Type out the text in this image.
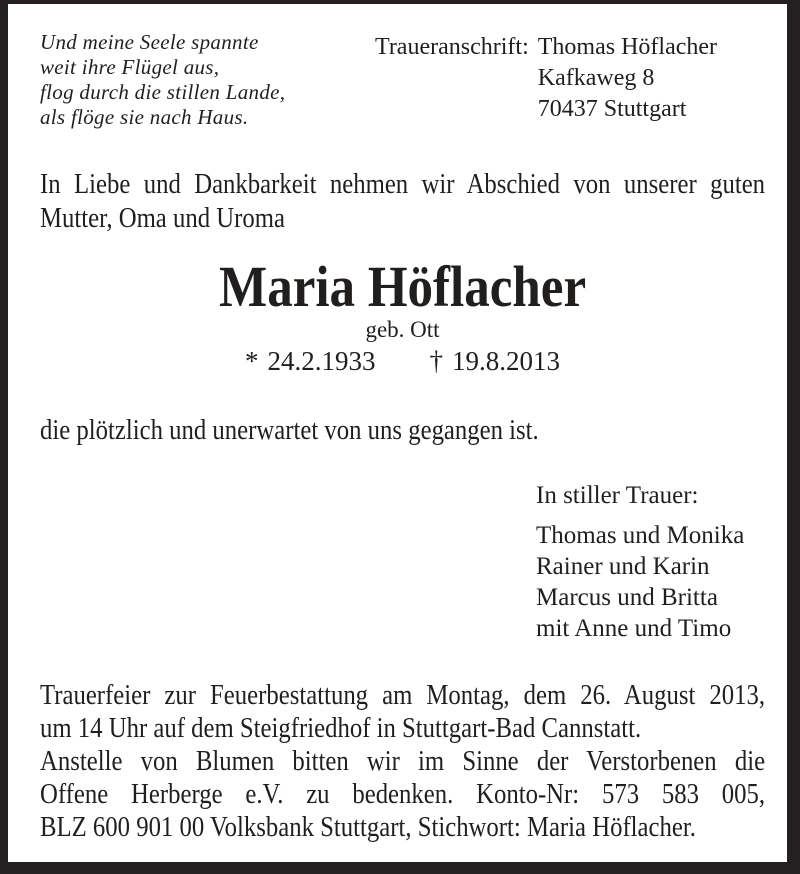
Und meine Seele spannte
weit ihre Flügel aus,
flog durch die stillen Lande,
als flöge sie nach Haus.
Traueranschrift: Thomas Höflacher
Kafkaweg 8
70437 Stuttgart
In Liebe und Dankbarkeit nehmen wir Abschied von unserer guten
Mutter, Oma und Uroma
Maria Höflacher
geb. Ott
* 24.2.1933 † 19.8.2013
die plötzlich und unerwartet von uns gegangen ist.
In stiller Trauer:
Thomas und Monika
Rainer und Karin
Marcus und Britta
mit Anne und Timo
Trauerfeier zur Feuerbestattung am Montag, dem 26. August 2013,
um 14 Uhr auf dem Steigfriedhof in Stuttgart-Bad Cannstatt.
Anstelle von Blumen bitten wir im Sinne der Verstorbenen die
Offene Herberge e.V. zu bedenken. Konto-Nr: 573 583 005,
BLZ 600 901 00 Volksbank Stuttgart, Stichwort: Maria Höflacher.
